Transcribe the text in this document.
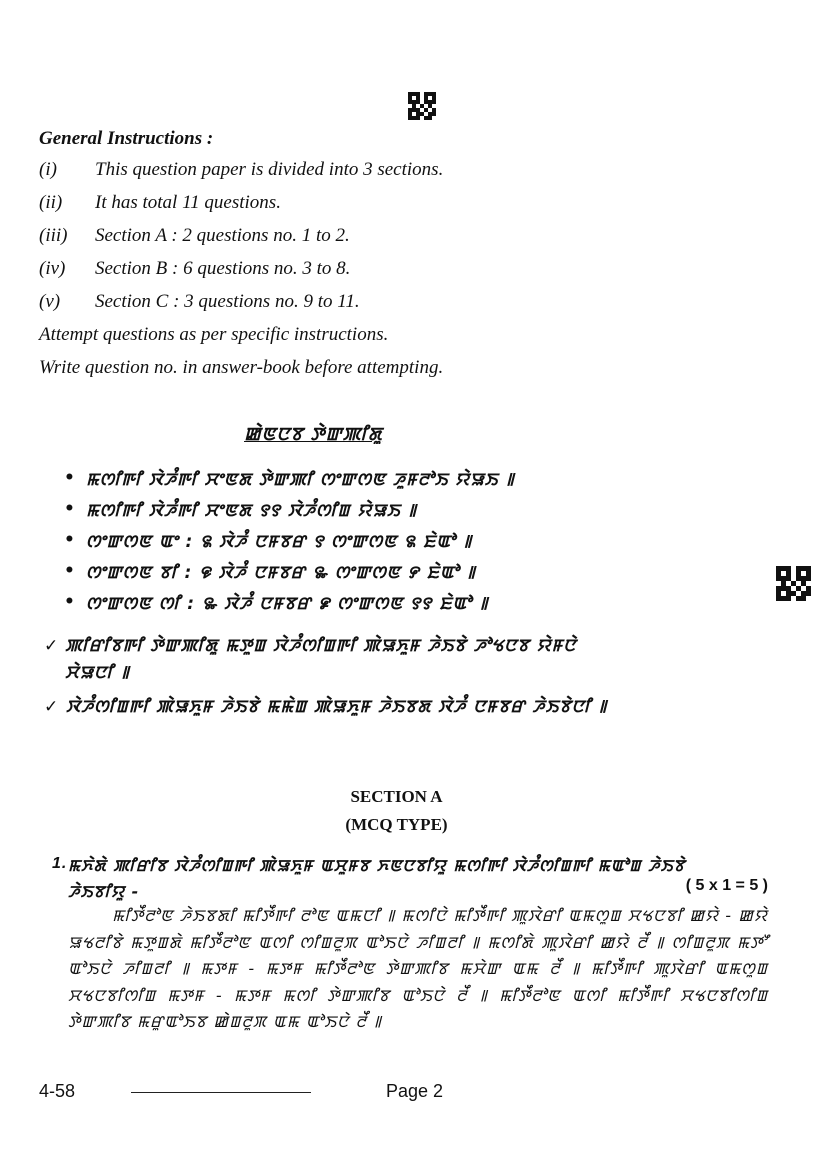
General Instructions :
(i)	This question paper is divided into 3 sections.
(ii)	It has total 11 questions.
(iii)	Section A : 2 questions no. 1 to 2.
(iv)	Section B : 6 questions no. 3 to 8.
(v)	Section C : 3 questions no. 9 to 11.
Attempt questions as per specific instructions.
Write question no. in answer-book before attempting.
ꯀꯥꯟꯅꯕ ꯇꯥꯛꯄꯤꯗꯨ
• ꯃꯁꯤꯒꯤ ꯋꯥꯍꯪꯒꯤ ꯆꯦꯟꯗ ꯇꯥꯛꯄꯤ ꯁꯦꯛꯁꯟ ꯍꯨꯝꯂꯣꯏ ꯌꯥꯎꯏ ꯫
• ꯃꯁꯤꯒꯤ ꯋꯥꯍꯪꯒꯤ ꯆꯦꯟꯗ ꯱꯱ ꯋꯥꯍꯪꯁꯤꯡ ꯌꯥꯎꯏ ꯫
• ꯁꯦꯛꯁꯟ ꯑꯦ : ꯲ ꯋꯥꯍꯪ ꯅꯝꯕꯔ ꯱ ꯁꯦꯛꯁꯟ ꯲ ꯐꯥꯑꯣ ꯫
• ꯁꯦꯛꯁꯟ ꯕꯤ : ꯶ ꯋꯥꯍꯪ ꯅꯝꯕꯔ ꯳ ꯁꯦꯛꯁꯟ ꯸ ꯐꯥꯑꯣ ꯫
• ꯁꯦꯛꯁꯟ ꯁꯤ : ꯳ ꯋꯥꯍꯪ ꯅꯝꯕꯔ ꯹ ꯁꯦꯛꯁꯟ ꯱꯱ ꯐꯥꯑꯣ ꯫
✓ ꯄꯤꯔꯤꯕꯒꯤ ꯇꯥꯛꯄꯤꯗꯨ ꯃꯇꯨꯡ ꯋꯥꯍꯪꯁꯤꯡꯒꯤ ꯄꯥꯎꯈꯨꯝ ꯍꯥꯏꯕꯥ ꯍꯣꯠꯅꯕ ꯌꯥꯝꯅꯥ ꯆꯥꯎꯅꯤ ꯫
✓ ꯋꯥꯍꯪꯁꯤꯡꯒꯤ ꯄꯥꯎꯈꯨꯝ ꯍꯥꯏꯕꯥ ꯃꯃꯥꯡ ꯄꯥꯎꯈꯨꯝ ꯍꯥꯏꯕꯗ ꯋꯥꯍꯪ ꯅꯝꯕꯔ ꯍꯥꯏꯕꯥꯅꯤ ꯫
SECTION A
(MCQ TYPE)
1. ꯃꯈꯥꯗꯥ ꯄꯤꯔꯤꯕ ꯋꯥꯍꯪꯁꯤꯡꯒꯤ ꯄꯥꯎꯈꯨꯝ ꯑꯆꯨꯝꯕ ꯈꯟꯅꯕꯤꯌꯨ ꯃꯁꯤꯒꯤ ꯋꯥꯍꯪꯁꯤꯡꯒꯤ ꯃꯑꯣꯡ ꯍꯥꯏꯕꯥ
ꯍꯥꯏꯕꯤꯌꯨ -	( 5 x 1 = 5 )
ꯃꯤꯇꯩꯂꯣꯟ ꯍꯥꯏꯕꯗꯤ ꯃꯤꯇꯩꯒꯤ ꯂꯣꯟ ꯑꯃꯅꯤ ꯫ ꯃꯁꯤꯅꯥ ꯃꯤꯇꯩꯒꯤ ꯄꯨꯋꯥꯔꯤ ꯑꯃꯁꯨꯡ ꯆꯠꯅꯕꯤ ꯀꯌꯥ - ꯀꯌꯥ ꯎꯠꯂꯤꯕꯥ ꯃꯇꯨꯡꯗꯥ ꯃꯤꯇꯩꯂꯣꯟ ꯑꯁꯤ ꯁꯤꯡꯂꯨꯞ ꯑꯣꯏꯅꯥ ꯍꯤꯡꯂꯤ ꯫ ꯃꯁꯤꯗꯥ ꯄꯨꯋꯥꯔꯤ ꯀꯌꯥ ꯂꯩ ꯫ ꯁꯤꯡꯂꯨꯞ ꯃꯇꯧ ꯑꯣꯏꯅꯥ ꯍꯤꯡꯂꯤ ꯫ ꯃꯇꯝ - ꯃꯇꯝ ꯃꯤꯇꯩꯂꯣꯟ ꯇꯥꯛꯄꯤꯕ ꯃꯆꯥꯛ ꯑꯃ ꯂꯩ ꯫ ꯃꯤꯇꯩꯒꯤ ꯄꯨꯋꯥꯔꯤ ꯑꯃꯁꯨꯡ ꯆꯠꯅꯕꯤꯁꯤꯡ ꯃꯇꯝ - ꯃꯇꯝ ꯃꯁꯤ ꯇꯥꯛꯄꯤꯕ ꯑꯣꯏꯅꯥ ꯂꯩ ꯫ ꯃꯤꯇꯩꯂꯣꯟ ꯑꯁꯤ ꯃꯤꯇꯩꯒꯤ ꯆꯠꯅꯕꯤꯁꯤꯡ ꯇꯥꯛꯄꯤꯕ ꯃꯔꯨꯑꯣꯏꯕ ꯀꯥꯡꯂꯨꯞ ꯑꯃ ꯑꯣꯏꯅꯥ ꯂꯩ ꯫
4-58	Page 2
